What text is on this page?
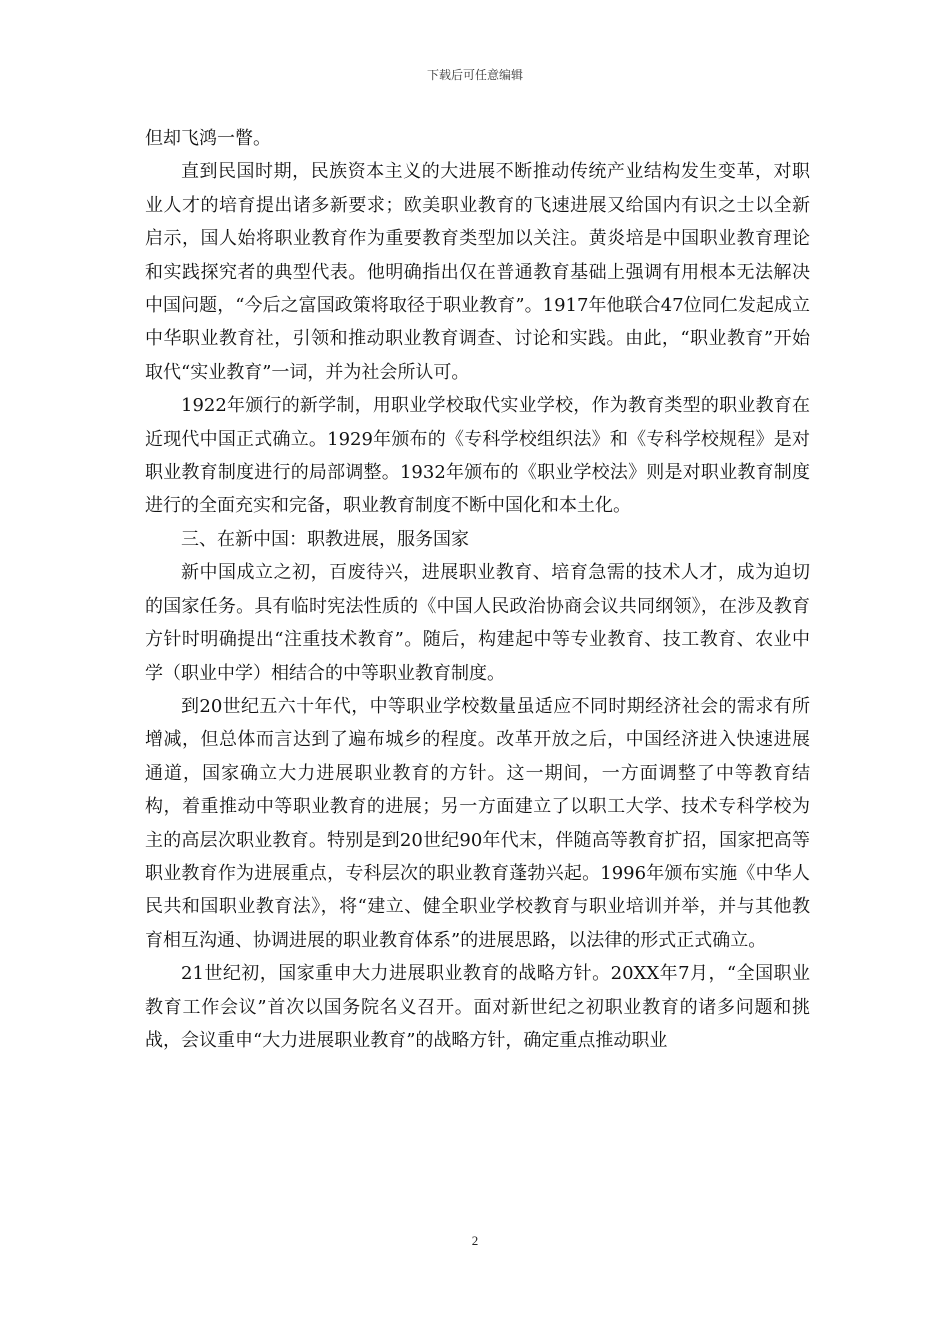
下载后可任意编辑

但却飞鸿一瞥。

直到民国时期，民族资本主义的大进展不断推动传统产业结构发生变革，对职业人才的培育提出诸多新要求；欧美职业教育的飞速进展又给国内有识之士以全新启示，国人始将职业教育作为重要教育类型加以关注。黄炎培是中国职业教育理论和实践探究者的典型代表。他明确指出仅在普通教育基础上强调有用根本无法解决中国问题，“今后之富国政策将取径于职业教育”。1917年他联合47位同仁发起成立中华职业教育社，引领和推动职业教育调查、讨论和实践。由此，“职业教育”开始取代“实业教育”一词，并为社会所认可。

1922年颁行的新学制，用职业学校取代实业学校，作为教育类型的职业教育在近现代中国正式确立。1929年颁布的《专科学校组织法》和《专科学校规程》是对职业教育制度进行的局部调整。1932年颁布的《职业学校法》则是对职业教育制度进行的全面充实和完备，职业教育制度不断中国化和本土化。

三、在新中国：职教进展，服务国家

新中国成立之初，百废待兴，进展职业教育、培育急需的技术人才，成为迫切的国家任务。具有临时宪法性质的《中国人民政治协商会议共同纲领》，在涉及教育方针时明确提出“注重技术教育”。随后，构建起中等专业教育、技工教育、农业中学（职业中学）相结合的中等职业教育制度。

到20世纪五六十年代，中等职业学校数量虽适应不同时期经济社会的需求有所增减，但总体而言达到了遍布城乡的程度。改革开放之后，中国经济进入快速进展通道，国家确立大力进展职业教育的方针。这一期间，一方面调整了中等教育结构，着重推动中等职业教育的进展；另一方面建立了以职工大学、技术专科学校为主的高层次职业教育。特别是到20世纪90年代末，伴随高等教育扩招，国家把高等职业教育作为进展重点，专科层次的职业教育蓬勃兴起。1996年颁布实施《中华人民共和国职业教育法》，将“建立、健全职业学校教育与职业培训并举，并与其他教育相互沟通、协调进展的职业教育体系”的进展思路，以法律的形式正式确立。

21世纪初，国家重申大力进展职业教育的战略方针。20XX年7月，“全国职业教育工作会议”首次以国务院名义召开。面对新世纪之初职业教育的诸多问题和挑战，会议重申“大力进展职业教育”的战略方针，确定重点推动职业

2
